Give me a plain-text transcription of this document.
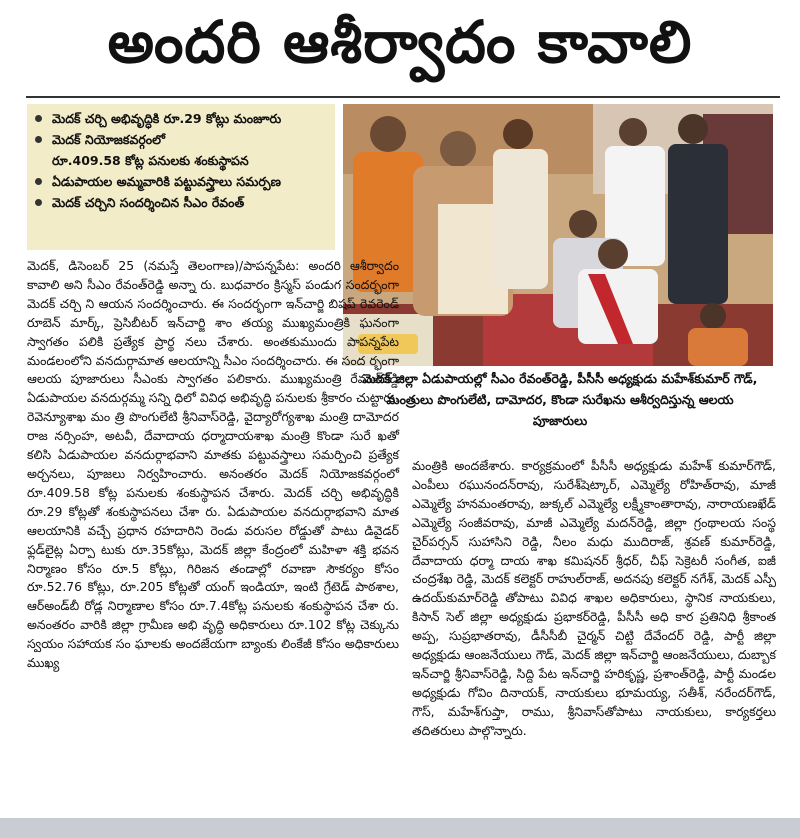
అందరి ఆశీర్వాదం కావాలి
మెదక్ చర్చి అభివృద్ధికి రూ.29 కోట్లు మంజూరు
మెదక్ నియోజకవర్గంలో
రూ.409.58 కోట్ల పనులకు శంకుస్థాపన
ఏడుపాయల అమ్మవారికి పట్టువస్త్రాలు సమర్పణ
మెదక్ చర్చిని సందర్శించిన సీఎం రేవంత్
మెదక్ జిల్లా ఏడుపాయల్లో సీఎం రేవంత్‌రెడ్డి, పీసీసీ అధ్యక్షుడు మహేశ్‌కుమార్ గౌడ్, మంత్రులు పొంగులేటి, దామోదర, కొండా సురేఖను ఆశీర్వదిస్తున్న ఆలయ పూజారులు

మెదక్, డిసెంబర్ 25 (నమస్తే తెలంగాణ)/పాపన్నపేట: అందరి ఆశీర్వాదం కావాలి అని సీఎం రేవంత్‌రెడ్డి అన్నా రు. బుధవారం క్రిస్మస్ పండుగ సందర్భంగా మెదక్ చర్చి ని ఆయన సందర్శించారు. ఈ సందర్భంగా ఇన్‌చార్జి బిషప్ రెవరెండ్ రూబెన్ మార్క్, ప్రెసిబీటర్ ఇన్‌చార్జి శాం తయ్య ముఖ్యమంత్రికి ఘనంగా స్వాగతం పలికి ప్రత్యేక ప్రార్థ నలు చేశారు. అంతకుముందు పాపన్నపేట మండలంలోని వనదుర్గామాత ఆలయాన్ని సీఎం సందర్శించారు. ఈ సంద ర్భంగా ఆలయ పూజారులు సీఎంకు స్వాగతం పలికారు. ముఖ్యమంత్రి రేవంత్‌రెడ్డి ఏడుపాయల వనదుర్గమ్మ సన్ని ధిలో వివిధ అభివృద్ధి పనులకు శ్రీకారం చుట్టారు. రెవెన్యూశాఖ మం త్రి పొంగులేటి శ్రీనివాస్‌రెడ్డి, వైద్యారోగ్యశాఖ మంత్రి దామోదర రాజ నర్సింహ, అటవీ, దేవాదాయ ధర్మాదాయశాఖ మంత్రి కొండా సురే ఖతో కలిసి ఏడుపాయల వనదుర్గాభవాని మాతకు పట్టువస్త్రాలు సమర్పించి ప్రత్యేక అర్చనలు, పూజలు నిర్వహించారు. అనంతరం మెదక్ నియోజకవర్గంలో రూ.409.58 కోట్ల పనులకు శంకుస్థాపన చేశారు. మెదక్ చర్చి అభివృద్ధికి రూ.29 కోట్లతో శంకుస్థాపనలు చేశా రు. ఏడుపాయల వనదుర్గాభవాని మాత ఆలయానికి వచ్చే ప్రధాన రహదారిని రెండు వరుసల రోడ్డుతో పాటు డివైడర్ ఫ్లడ్‌లైట్ల ఏర్పా టుకు రూ.35కోట్లు, మెదక్ జిల్లా కేంద్రంలో మహిళా శక్తి భవన నిర్మాణం కోసం రూ.5 కోట్లు, గిరిజన తండాల్లో రవాణా సౌకర్యం కోసం రూ.52.76 కోట్లు, రూ.205 కోట్లతో యంగ్ ఇండియా, ఇంటి గ్రేటెడ్ పాఠశాల, ఆర్‌అండ్‌బీ రోడ్ల నిర్మాణాల కోసం రూ.7.4కోట్ల పనులకు శంకుస్థాపన చేశా రు. అనంతరం వారికి జిల్లా గ్రామీణ అభి వృద్ధి అధికారులు రూ.102 కోట్ల చెక్కును స్వయం సహాయక సం ఘాలకు అందజేయగా బ్యాంకు లింకేజీ కోసం అధికారులు ముఖ్య

మంత్రికి అందజేశారు. కార్యక్రమంలో పీసీసీ అధ్యక్షుడు మహేశ్ కుమార్‌గౌడ్, ఎంపీలు రఘునందన్‌రావు, సురేశ్‌షెట్కార్, ఎమ్మెల్యే రోహిత్‌రావు, మాజీ ఎమ్మెల్యే హనమంతరావు, జుక్కల్ ఎమ్మెల్యే లక్ష్మీకాంతారావు, నారాయణఖేడ్ ఎమ్మెల్యే సంజీవరావు, మాజీ ఎమ్మెల్యే మదన్‌రెడ్డి, జిల్లా గ్రంథాలయ సంస్థ చైర్‌పర్సన్ సుహాసిని రెడ్డి, నీలం మధు ముదిరాజ్, శ్రవణ్ కుమార్‌రెడ్డి, దేవాదాయ ధర్మా దాయ శాఖ కమిషనర్ శ్రీధర్, చీఫ్ సెక్రెటరీ సంగీత, ఐజీ చంద్రశేఖ రెడ్డి, మెదక్ కలెక్టర్ రాహుల్‌రాజ్, అదనపు కలెక్టర్ నగేశ్, మెదక్ ఎస్పీ ఉదయ్‌కుమార్‌రెడ్డి తోపాటు వివిధ శాఖల అధికారులు, స్థానిక నాయకులు, కిసాన్ సెల్ జిల్లా అధ్యక్షుడు ప్రభాకర్‌రెడ్డి, పీసీసీ అధి కార ప్రతినిధి శ్రీకాంత అప్ప, సుప్రభాతరావు, డీసీసీబీ చైర్మన్ చిట్టి దేవేందర్ రెడ్డి, పార్టీ జిల్లా అధ్యక్షుడు ఆంజనేయులు గౌడ్, మెదక్ జిల్లా ఇన్‌చార్జి ఆంజనేయులు, దుబ్బాక ఇన్‌చార్జి శ్రీనివాస్‌రెడ్డి, సిద్ది పేట ఇన్‌చార్జి హరికృష్ణ, ప్రశాంత్‌రెడ్డి, పార్టీ మండల అధ్యక్షుడు గోవిం దినాయక్, నాయకులు భూమయ్య, సతీశ్, నరేందర్‌గౌడ్, గౌస్, మహేశ్‌గుప్తా, రాము, శ్రీనివాస్‌తోపాటు నాయకులు, కార్యకర్తలు తదితరులు పాల్గొన్నారు.
